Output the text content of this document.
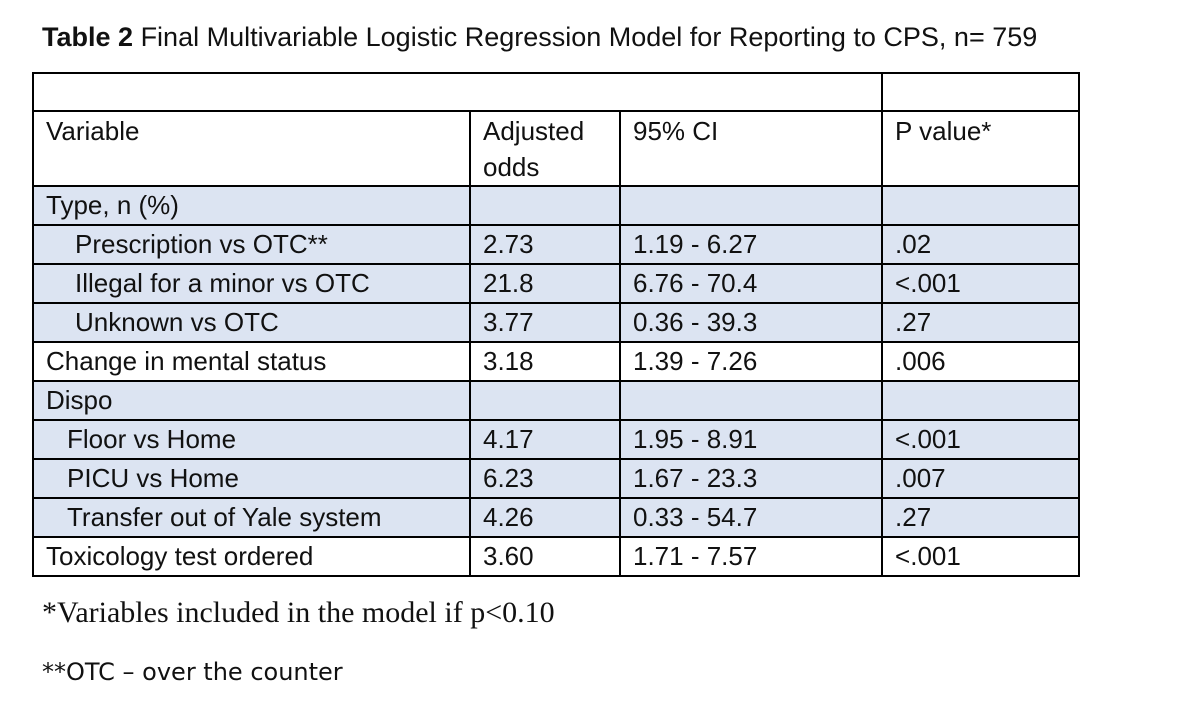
Table 2 Final Multivariable Logistic Regression Model for Reporting to CPS, n= 759

Variable	Adjusted odds	95% CI	P value*
Type, n (%)			
Prescription vs OTC**	2.73	1.19 - 6.27	.02
Illegal for a minor vs OTC	21.8	6.76 - 70.4	<.001
Unknown vs OTC	3.77	0.36 - 39.3	.27
Change in mental status	3.18	1.39 - 7.26	.006
Dispo			
Floor vs Home	4.17	1.95 - 8.91	<.001
PICU vs Home	6.23	1.67 - 23.3	.007
Transfer out of Yale system	4.26	0.33 - 54.7	.27
Toxicology test ordered	3.60	1.71 - 7.57	<.001
*Variables included in the model if p<0.10
**OTC – over the counter
